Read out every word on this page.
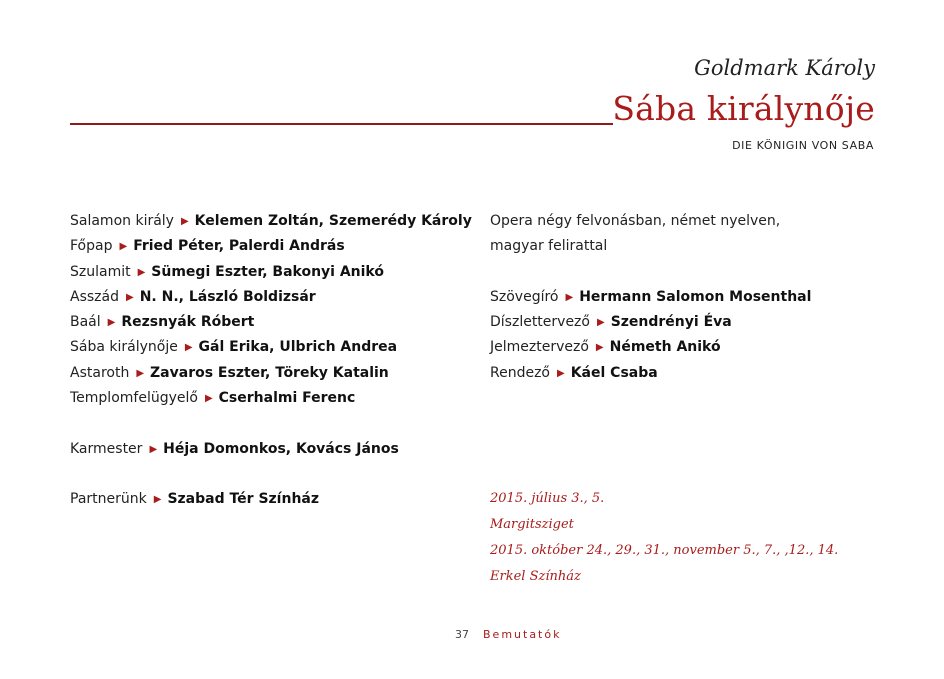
Goldmark Károly
Sába királynője
DIE KÖNIGIN VON SABA
Salamon király ▶ Kelemen Zoltán, Szemerédy Károly
Főpap ▶ Fried Péter, Palerdi András
Szulamit ▶ Sümegi Eszter, Bakonyi Anikó
Asszád ▶ N. N., László Boldizsár
Baál ▶ Rezsnyák Róbert
Sába királynője ▶ Gál Erika, Ulbrich Andrea
Astaroth ▶ Zavaros Eszter, Töreky Katalin
Templomfelügyelő ▶ Cserhalmi Ferenc
Karmester ▶ Héja Domonkos, Kovács János
Partnerünk ▶ Szabad Tér Színház
Opera négy felvonásban, német nyelven,
magyar felirattal
Szövegíró ▶ Hermann Salomon Mosenthal
Díszlettervező ▶ Szendrényi Éva
Jelmeztervező ▶ Németh Anikó
Rendező ▶ Káel Csaba
2015. július 3., 5.
Margitsziget
2015. október 24., 29., 31., november 5., 7., ,12., 14.
Erkel Színház
37 Bemutatók
